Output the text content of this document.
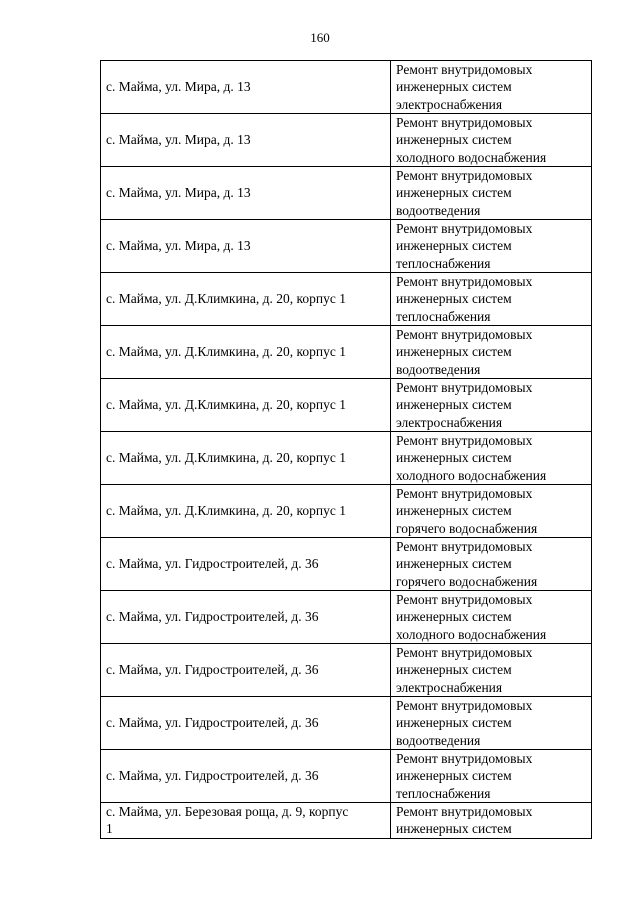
160
с. Майма, ул. Мира, д. 13	Ремонт внутридомовых
инженерных систем
электроснабжения

с. Майма, ул. Мира, д. 13	Ремонт внутридомовых
инженерных систем
холодного водоснабжения

с. Майма, ул. Мира, д. 13	Ремонт внутридомовых
инженерных систем
водоотведения

с. Майма, ул. Мира, д. 13	Ремонт внутридомовых
инженерных систем
теплоснабжения

с. Майма, ул. Д.Климкина, д. 20, корпус 1	Ремонт внутридомовых
инженерных систем
теплоснабжения

с. Майма, ул. Д.Климкина, д. 20, корпус 1	Ремонт внутридомовых
инженерных систем
водоотведения

с. Майма, ул. Д.Климкина, д. 20, корпус 1	Ремонт внутридомовых
инженерных систем
электроснабжения

с. Майма, ул. Д.Климкина, д. 20, корпус 1	Ремонт внутридомовых
инженерных систем
холодного водоснабжения

с. Майма, ул. Д.Климкина, д. 20, корпус 1	Ремонт внутридомовых
инженерных систем
горячего водоснабжения

с. Майма, ул. Гидростроителей, д. 36	Ремонт внутридомовых
инженерных систем
горячего водоснабжения

с. Майма, ул. Гидростроителей, д. 36	Ремонт внутридомовых
инженерных систем
холодного водоснабжения

с. Майма, ул. Гидростроителей, д. 36	Ремонт внутридомовых
инженерных систем
электроснабжения

с. Майма, ул. Гидростроителей, д. 36	Ремонт внутридомовых
инженерных систем
водоотведения

с. Майма, ул. Гидростроителей, д. 36	Ремонт внутридомовых
инженерных систем
теплоснабжения

с. Майма, ул. Березовая роща, д. 9, корпус
1	Ремонт внутридомовых
инженерных систем
